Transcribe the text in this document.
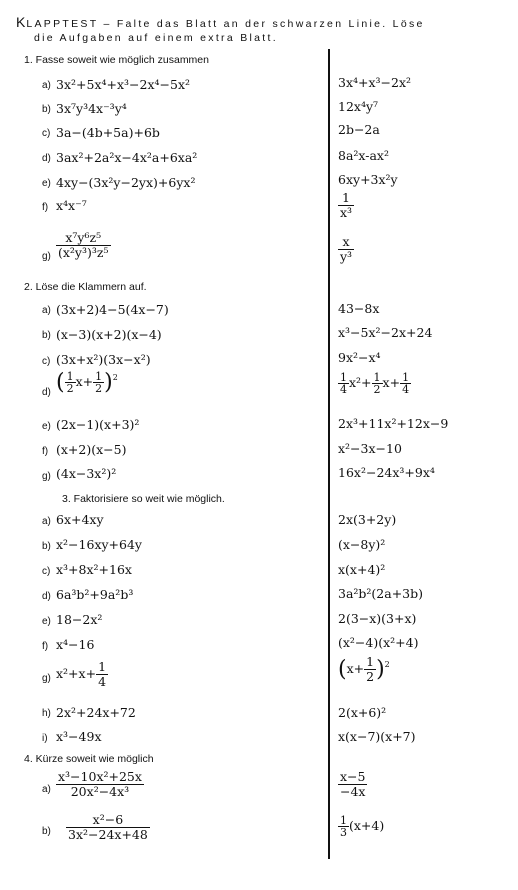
KLAPPTEST – Falte das Blatt an der schwarzen Linie. Löse
die Aufgaben auf einem extra Blatt.
1. Fasse soweit wie möglich zusammen
a) 3x²+5x⁴+x³−2x⁴−5x²	3x⁴+x³−2x²
b) 3x⁷y³4x⁻³y⁴	12x⁴y⁷
c) 3a−(4b+5a)+6b	2b−2a
d) 3ax²+2a²x−4x²a+6xa²	8a²x-ax²
e) 4xy−(3x²y−2yx)+6yx²	6xy+3x²y
f) x⁴x⁻⁷	$\frac{1}{\text{x³}}$
$g) \frac{\text{x⁷y⁶z⁵}}{\text{(x²y³)³z⁵}}$	$\frac{x}{\text{y³}}$
2. Löse die Klammern auf.
a) (3x+2)4−5(4x−7)	43−8x
b) (x−3)(x+2)(x−4)	x³−5x²−2x+24
c) (3x+x²)(3x−x²)	9x²−x⁴
d) ( $\frac{1}{2} x+ \frac{1}{2} )^2$	$\frac{1}{4} x^2+ \frac{1}{2} x+ \frac{1}{4}$
e) (2x−1)(x+3)²	2x³+11x²+12x−9
f) (x+2)(x−5)	x²−3x−10
g) (4x−3x²)²	16x²−24x³+9x⁴
3. Faktorisiere so weit wie möglich.
a) 6x+4xy	2x(3+2y)
b) x²−16xy+64y	(x−8y)²
c) x³+8x²+16x	x(x+4)²
d) 6a³b²+9a²b³	3a²b²(2a+3b)
e) 18−2x²	2(3−x)(3+x)
f) x⁴−16	(x²−4)(x²+4)
g) $x^2+x+ \frac{1}{4}$	$(x+ \frac{1}{2} )^2$
h) 2x²+24x+72	2(x+6)²
i) x³−49x	x(x−7)(x+7)
4. Kürze soweit wie möglich
$a) \frac{\text{x³−10x²+25x}}{\text{20x²−4x³}}$	$\frac{x-5}{-4x}$
$b) \frac{\text{x²−6}}{\text{3x²−24x+48}}$	$\frac{1}{3} (x+4)$
